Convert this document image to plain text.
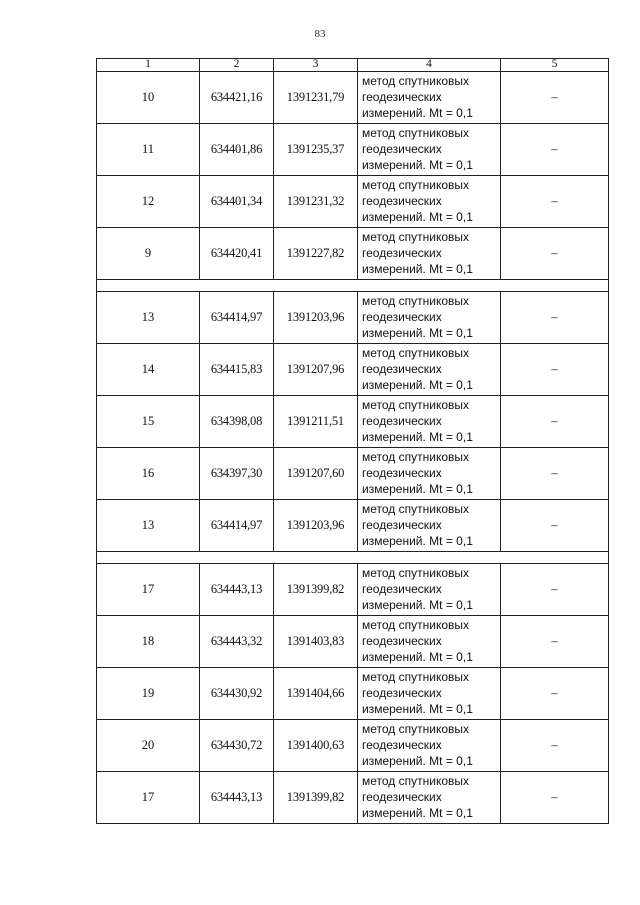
83
1	2	3	4	5
10	634421,16	1391231,79	метод спутниковых
геодезических
измерений. Mt = 0,1	–
11	634401,86	1391235,37	метод спутниковых
геодезических
измерений. Mt = 0,1	–
12	634401,34	1391231,32	метод спутниковых
геодезических
измерений. Mt = 0,1	–
9	634420,41	1391227,82	метод спутниковых
геодезических
измерений. Mt = 0,1	–

13	634414,97	1391203,96	метод спутниковых
геодезических
измерений. Mt = 0,1	–
14	634415,83	1391207,96	метод спутниковых
геодезических
измерений. Mt = 0,1	–
15	634398,08	1391211,51	метод спутниковых
геодезических
измерений. Mt = 0,1	–
16	634397,30	1391207,60	метод спутниковых
геодезических
измерений. Mt = 0,1	–
13	634414,97	1391203,96	метод спутниковых
геодезических
измерений. Mt = 0,1	–

17	634443,13	1391399,82	метод спутниковых
геодезических
измерений. Mt = 0,1	–
18	634443,32	1391403,83	метод спутниковых
геодезических
измерений. Mt = 0,1	–
19	634430,92	1391404,66	метод спутниковых
геодезических
измерений. Mt = 0,1	–
20	634430,72	1391400,63	метод спутниковых
геодезических
измерений. Mt = 0,1	–
17	634443,13	1391399,82	метод спутниковых
геодезических
измерений. Mt = 0,1	–
